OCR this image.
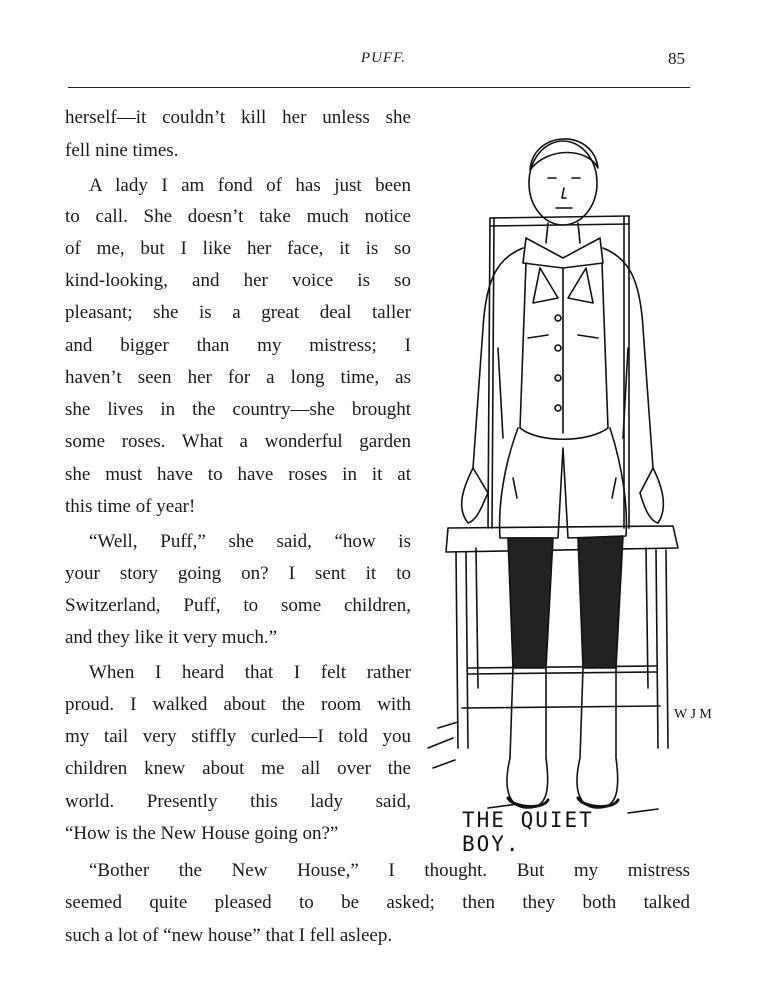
PUFF.	85
herself—it couldn’t kill her unless she
fell nine times.
A lady I am fond of has just been
to call. She doesn’t take much notice
of me, but I like her face, it is so
kind-looking, and her voice is so
pleasant; she is a great deal taller
and bigger than my mistress; I
haven’t seen her for a long time, as
she lives in the country—she brought
some roses. What a wonderful garden
she must have to have roses in it at
this time of year!
“Well, Puff,” she said, “how is
your story going on? I sent it to
Switzerland, Puff, to some children,
and they like it very much.”
When I heard that I felt rather
proud. I walked about the room with
my tail very stiffly curled—I told you
children knew about me all over the
world. Presently this lady said,
“How is the New House going on?”
W J M
THE QUIET BOY.
“Bother the New House,” I thought. But my mistress
seemed quite pleased to be asked; then they both talked
such a lot of “new house” that I fell asleep.
